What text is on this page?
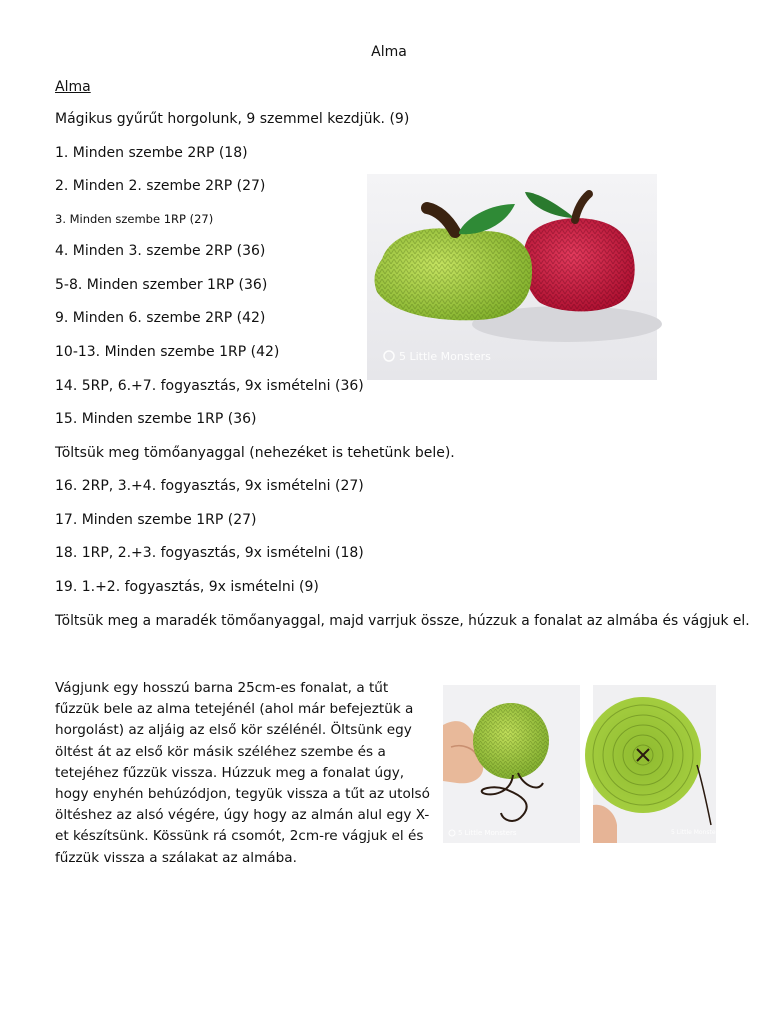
Alma
Alma
Mágikus gyűrűt horgolunk, 9 szemmel kezdjük. (9)
1. Minden szembe 2RP (18)
2. Minden 2. szembe 2RP (27)
3. Minden szembe 1RP (27)
4. Minden 3. szembe 2RP (36)
5-8. Minden szember 1RP (36)
9. Minden 6. szembe 2RP (42)
10-13. Minden szembe 1RP (42)
14. 5RP, 6.+7. fogyasztás, 9x ismételni (36)
15. Minden szembe 1RP (36)
Töltsük meg tömőanyaggal (nehezéket is tehetünk bele).
16. 2RP, 3.+4. fogyasztás, 9x ismételni (27)
17. Minden szembe 1RP (27)
18. 1RP, 2.+3. fogyasztás, 9x ismételni (18)
19. 1.+2. fogyasztás, 9x ismételni (9)
Töltsük meg a maradék tömőanyaggal, majd varrjuk össze, húzzuk a fonalat az almába és vágjuk el.
Vágjunk egy hosszú barna 25cm-es fonalat, a tűt fűzzük bele az alma tetejénél (ahol már befejeztük a horgolást) az aljáig az első kör szélénél. Öltsünk egy öltést át az első kör másik széléhez szembe és a tetejéhez fűzzük vissza. Húzzuk meg a fonalat úgy, hogy enyhén behúzódjon, tegyük vissza a tűt az utolsó öltéshez az alsó végére, úgy hogy az almán alul egy X-et készítsünk. Kössünk rá csomót, 2cm-re vágjuk el és fűzzük vissza a szálakat az almába.
5 Little Monsters
5 Little Monsters	5 Little Monsters
